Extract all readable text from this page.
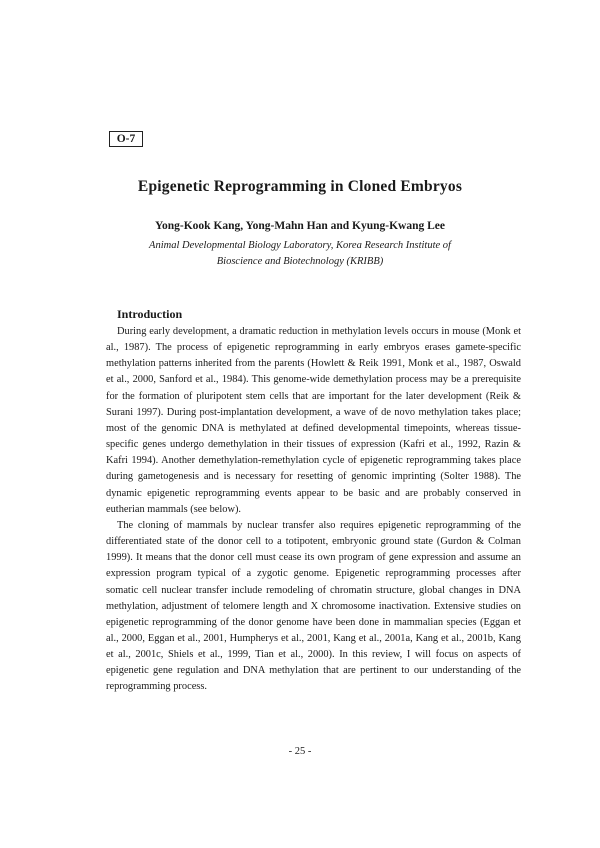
O-7
Epigenetic Reprogramming in Cloned Embryos
Yong-Kook Kang, Yong-Mahn Han and Kyung-Kwang Lee
Animal Developmental Biology Laboratory, Korea Research Institute of
Bioscience and Biotechnology (KRIBB)
Introduction

During early development, a dramatic reduction in methylation levels occurs in mouse (Monk et al., 1987). The process of epigenetic reprogramming in early embryos erases gamete-specific methylation patterns inherited from the parents (Howlett & Reik 1991, Monk et al., 1987, Oswald et al., 2000, Sanford et al., 1984). This genome-wide demethylation process may be a prerequisite for the formation of pluripotent stem cells that are important for the later development (Reik & Surani 1997). During post-implantation development, a wave of de novo methylation takes place; most of the genomic DNA is methylated at defined developmental timepoints, whereas tissue-specific genes undergo demethylation in their tissues of expression (Kafri et al., 1992, Razin & Kafri 1994). Another demethylation-remethylation cycle of epigenetic reprogramming takes place during gametogenesis and is necessary for resetting of genomic imprinting (Solter 1988). The dynamic epigenetic reprogramming events appear to be basic and are probably conserved in eutherian mammals (see below).

The cloning of mammals by nuclear transfer also requires epigenetic reprogramming of the differentiated state of the donor cell to a totipotent, embryonic ground state (Gurdon & Colman 1999). It means that the donor cell must cease its own program of gene expression and assume an expression program typical of a zygotic genome. Epigenetic reprogramming processes after somatic cell nuclear transfer include remodeling of chromatin structure, global changes in DNA methylation, adjustment of telomere length and X chromosome inactivation. Extensive studies on epigenetic reprogramming of the donor genome have been done in mammalian species (Eggan et al., 2000, Eggan et al., 2001, Humpherys et al., 2001, Kang et al., 2001a, Kang et al., 2001b, Kang et al., 2001c, Shiels et al., 1999, Tian et al., 2000). In this review, I will focus on aspects of epigenetic gene regulation and DNA methylation that are pertinent to our understanding of the reprogramming process.

- 25 -
